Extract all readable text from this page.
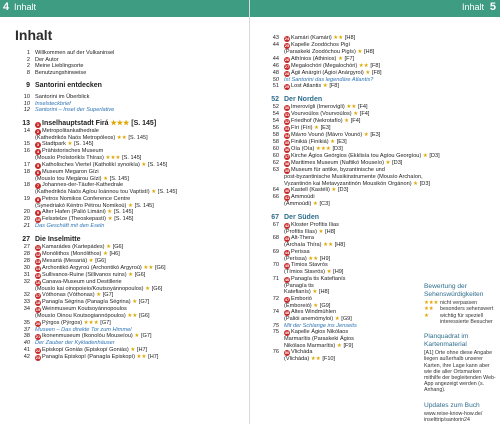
4 Inhalt	Inhalt 5
Inhalt
1 Willkommen auf der Vulkaninsel
2 Der Autor
2 Meine Lieblingsorte
8 Benutzungshinweise
9 Santorini entdecken
10 Santorini im Überblick
10 Inselsteckbrief
12 Santorini – Insel der Superlative
13	1 Inselhauptstadt Firá ★★★ [S. 145]
14	2 Metropolitankathedrale
(Kathedrikós Naós Metropóleos) ★★ [S. 145]
15	3 Stadtpark ★ [S. 145]
16	4 Prähistorisches Museum
(Mousío Proïstorikís Thíras) ★★★ [S. 145]
17	5 Katholisches Viertel (Katholikí synoikía) ★ [S. 145]
18	6 Museum Megaron Gízi
(Mousío tou Megárou Gízi) ★ [S. 145]
18	7 Johannes-der-Täufer-Kathedrale
(Kathedrikós Naós Agíou Ioánnou tou Vaptistí) ★ [S. 145]
19	8 Petros Nomikos Conference Centre
(Synedriakó Kéntro Pétrou Nomikoú) ★ [S. 145]
20	9 Alter Hafen (Palió Limáni) ★ [S. 145]
20	10 Felsstelze (Theoskepastí) ★ [S. 145]
21 Das Geschäft mit den Eseln
27 Die Inselmitte
27	11 Kamarádes (Kartepádes) ★ [G6]
28	12 Monólithos (Monólithos) ★ [H6]
28	13 Mesariá (Mesariá) ★ [G6]
30	14 Archontikó Argyroú (Archontikó Argyroú) ★★ [G6]
31	15 Sullivanos-Ruine (Sillivanos ruins) ★ [G6]
32	16 Canava-Museum und Destillerie
(Mousío kai oinopoieio/Koutsoyánnopoulos) ★ [G6]
32	17 Vóthonas (Vóthonas) ★ [G7]
33	18 Panagía Ségrina (Panagía Ségrina) ★ [G7]
34	19 Weinmuseum Koutsoyánnopoulos
(Mousío Oinou Koutsogiannópoulos) ★★ [G6]
35	20 Pýrgos (Pýrgos) ★★★ [G7]
37 Museen – Das direkte Tor zum Himmel
38	21 Ikonenmuseum (Ikonolóu Mouseíou) ★ [G7]
40 Der Zauber der Kykladenhäuser
41	22 Episkopí Goniás (Episkopí Goniás) ★ [H7]
42	23 Panagía Episkopí (Panagía Episkopí) ★★ [H7]
43	24 Kamári (Kamári) ★★ [H8]
44	25 Kapelle Zoodóchos Pigí
(Paraskeki Zoodóchou Pigís) ★ [H8]
44	26 Athínios (Athinios) ★ [F7]
46	27 Megalochóri (Megalochóri) ★★ [F8]
48	28 Ágii Anárgiri (Ágioi Anárgyroi) ★ [F8]
50 Ist Santorini das legendäre Atlantis?
51	29 Lost Atlantis ★ [F8]
52 Der Norden
52	30 Imerovígli (Imerovígli) ★★ [F4]
54	31 Vourvoúlos (Vourvoúlos) ★ [F4]
54	32 Friedhof (Nekrotafío) ★ [F4]
56	33 Fíri (Fíri) ★ [E3]
58	34 Mávro Vounó (Mávro Vounó) ★ [E3]
58	35 Finikiá (Finikiá) ★ [E3]
60	36 Oía (Oía) ★★★ [D3]
60	37 Kirche Ágios Geórgios (Ekklisía tou Agíou Georgíou) ★ [D3]
62	38 Maritimes Museum (Naftikó Mouseío) ★ [D3]
63	39 Museum für antike, byzantinische und
post-byzantinische Musikinstrumente (Mousío Archaíon,
Vyzantinón kai Metavyzantinón Mousikón Orgánon) ★ [D3]
64	40 Kastell (Kastéli) ★ [D3]
66	41 Ammoúdi
(Ammoúdi) ★ [C3]
67 Der Süden
67	42 Kloster Profítis Ilias
(Profítis Ilías) ★ [H8]
68	43 Alt-Thera
(Archaía Thíra) ★★ [H8]
69	44 Perissa
(Períssa) ★★ [H9]
70	45 Timios Stavrós
(Tímios Stavrós) ★ [H9]
71	46 Panagía tis Katefianís
(Panagía tis
Katefianís) ★ [H8]
72	47 Emborió
(Emboreió) ★ [G9]
74	48 Altes Windmühlen
(Paliói anemómyloi) ★ [G9]
75 Mit der Schlange ins Jenseits
75	49 Kapelle Ágios Nikólaos
Marmarítis (Paraskeki Ágios
Nikólaos Marmarítis) ★ [F9]
76	50 Vlicháda
(Vlicháda) ★★ [F10]
Bewertung der Sehenswürdigkeiten
★★★ nicht verpassen
★★	besonders sehenswert
★	wichtig für speziell
interessierte Besucher
Planquadrat im Kartenmaterial
[A1] Orte ohne diese Angabe liegen außerhalb unserer Karten, ihre Lage kann aber wie die aller Ortsmarken mithilfe der begleitenden Web-App angezeigt werden (s. Anhang).
Updates zum Buch
www.reise-know-how.de/
inselttrip/santorin24
